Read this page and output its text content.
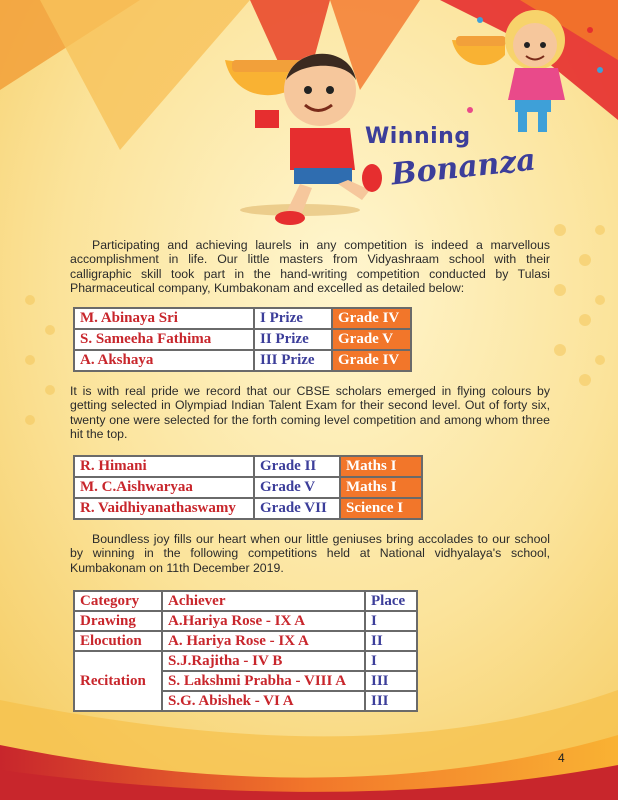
Winning
Bonanza

Participating and achieving laurels in any competition is indeed a marvellous accomplishment in life. Our little masters from Vidyashraam school with their calligraphic skill took part in the hand-writing competition conducted by Tulasi Pharmaceutical company, Kumbakonam and excelled as detailed below:

M. Abinaya Sri	I Prize	Grade IV
S. Sameeha Fathima	II Prize	Grade V
A. Akshaya	III Prize	Grade IV

It is with real pride we record that our CBSE scholars emerged in flying colours by getting selected in Olympiad Indian Talent Exam for their second level. Out of forty six, twenty one were selected for the forth coming level competition and among whom three hit the top.

R. Himani	Grade II	Maths I
M. C.Aishwaryaa	Grade V	Maths I
R. Vaidhiyanathaswamy	Grade VII	Science I

Boundless joy fills our heart when our little geniuses bring accolades to our school by winning in the following competitions held at National vidhyalaya's school, Kumbakonam on 11th December 2019.

Category	Achiever	Place
Drawing	A.Hariya Rose - IX A	I
Elocution	A. Hariya Rose - IX A	II
Recitation	S.J.Rajitha - IV B	I
	S. Lakshmi Prabha - VIII A	III
	S.G. Abishek - VI A	III
4
